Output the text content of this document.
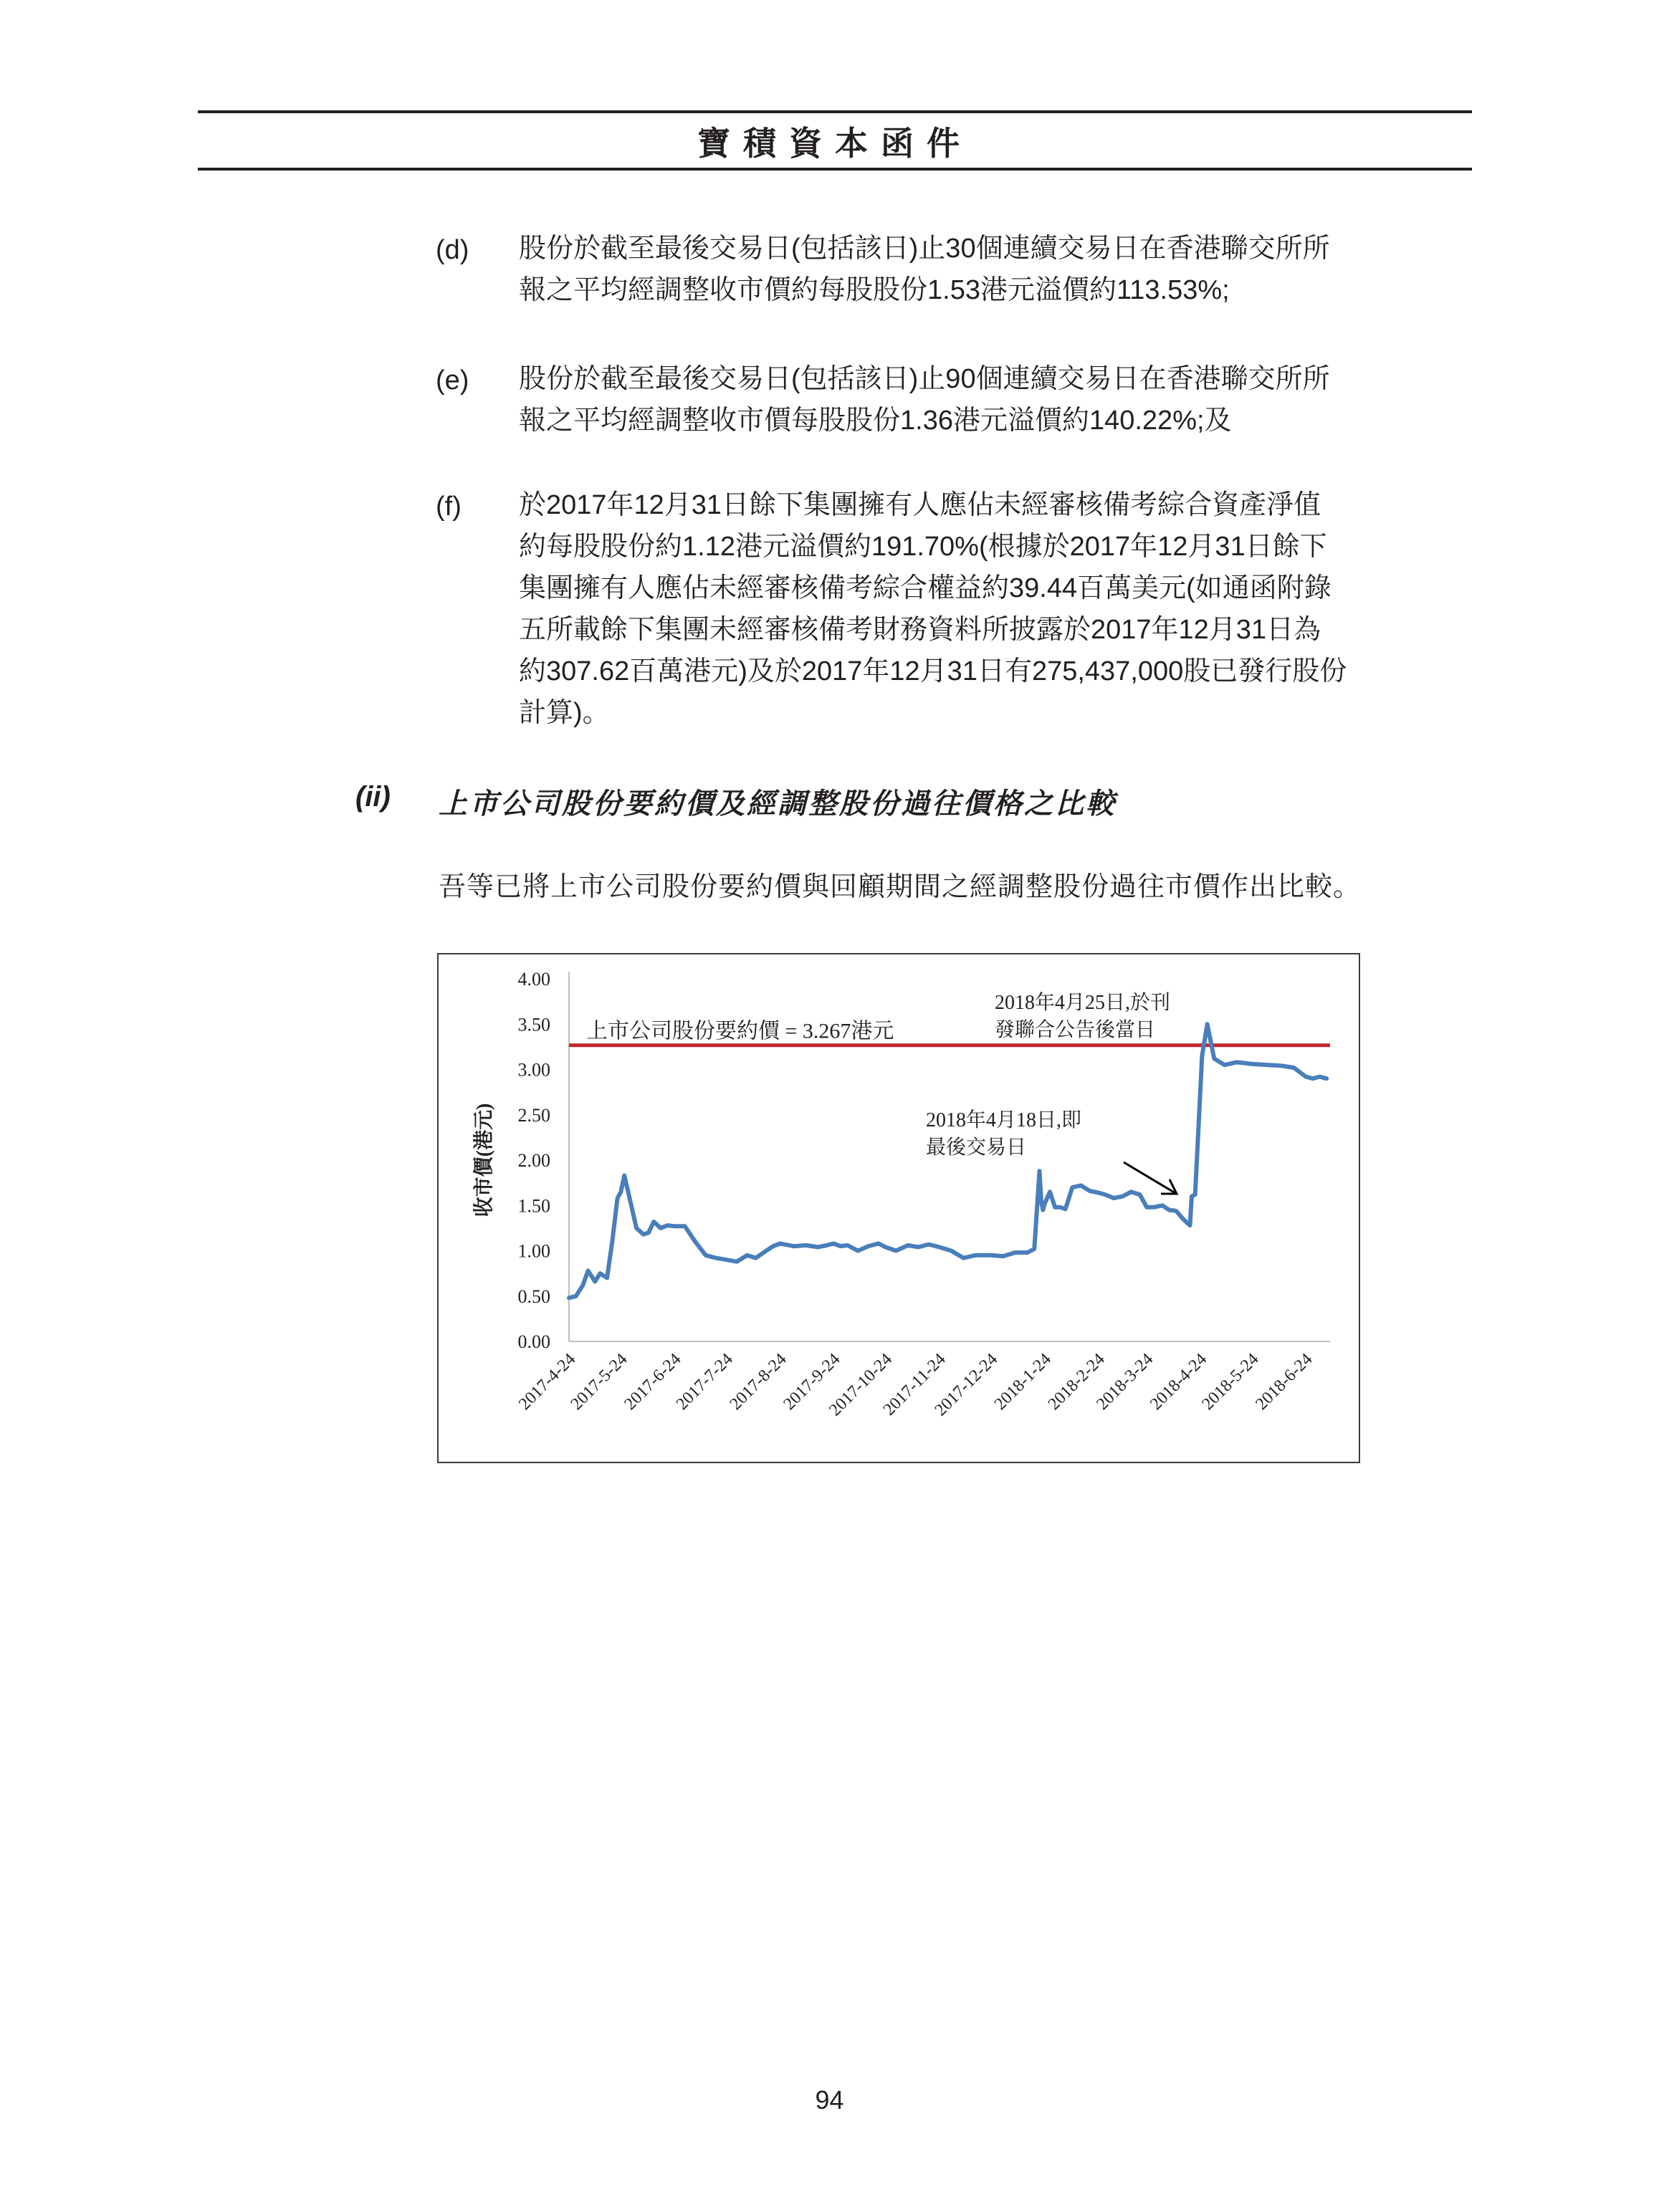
寶積資本函件
(d) 股份於截至最後交易日(包括該日)止30個連續交易日在香港聯交所所
報之平均經調整收市價約每股股份1.53港元溢價約113.53%;

(e) 股份於截至最後交易日(包括該日)止90個連續交易日在香港聯交所所
報之平均經調整收市價每股股份1.36港元溢價約140.22%;及

(f) 於2017年12月31日餘下集團擁有人應佔未經審核備考綜合資產淨值
約每股股份約1.12港元溢價約191.70%(根據於2017年12月31日餘下
集團擁有人應佔未經審核備考綜合權益約39.44百萬美元(如通函附錄
五所載餘下集團未經審核備考財務資料所披露於2017年12月31日為
約307.62百萬港元)及於2017年12月31日有275,437,000股已發行股份
計算)。

(ii) 上市公司股份要約價及經調整股份過往價格之比較
吾等已將上市公司股份要約價與回顧期間之經調整股份過往市價作出比較。
0.00
0.50
1.00
1.50
2.00
2.50
3.00
3.50
4.00
收市價(港元)
2017-4-24
2017-5-24
2017-6-24
2017-7-24
2017-8-24
2017-9-24
2017-10-24
2017-11-24
2017-12-24
2018-1-24
2018-2-24
2018-3-24
2018-4-24
2018-5-24
2018-6-24
上市公司股份要約價 = 3.267港元
2018年4月25日,於刊
發聯合公告後當日
2018年4月18日,即
最後交易日
94
